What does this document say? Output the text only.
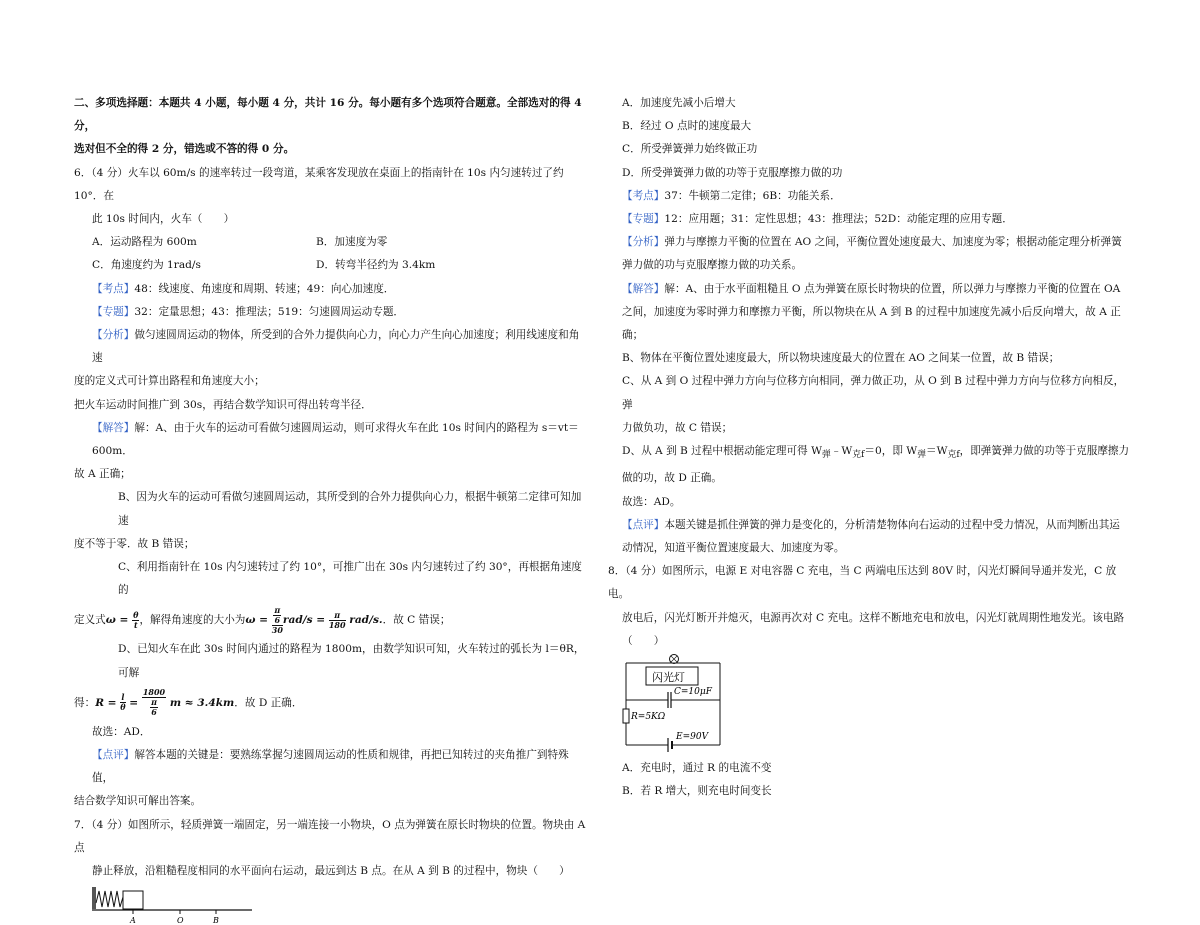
二、多项选择题：本题共 4 小题，每小题 4 分，共计 16 分。每小题有多个选项符合题意。全部选对的得 4 分，

选对但不全的得 2 分，错选或不答的得 0 分。

6．（4 分）火车以 60m/s 的速率转过一段弯道，某乘客发现放在桌面上的指南针在 10s 内匀速转过了约 10°．在

此 10s 时间内，火车（　　）

A．运动路程为 600m	B．加速度为零
C．角速度约为 1rad/s	D．转弯半径约为 3.4km

【考点】48：线速度、角速度和周期、转速；49：向心加速度．

【专题】32：定量思想；43：推理法；519：匀速圆周运动专题．

【分析】做匀速圆周运动的物体，所受到的合外力提供向心力，向心力产生向心加速度；利用线速度和角速

度的定义式可计算出路程和角速度大小；

把火车运动时间推广到 30s，再结合数学知识可得出转弯半径．

【解答】解：A、由于火车的运动可看做匀速圆周运动，则可求得火车在此 10s 时间内的路程为 s＝vt＝600m．

故 A 正确；

B、因为火车的运动可看做匀速圆周运动，其所受到的合外力提供向心力，根据牛顿第二定律可知加速

度不等于零．故 B 错误；

C、利用指南针在 10s 内匀速转过了约 10°，可推广出在 30s 内匀速转过了约 30°，再根据角速度的

定义式$\omega = \frac{\theta}{t}$ ，解得角速度的大小为$\omega = \frac{\frac{\pi}{6}}{30} rad/s = \frac{\pi}{180} rad/s$.．故 C 错误；

D、已知火车在此 30s 时间内通过的路程为 1800m，由数学知识可知，火车转过的弧长为 l＝θR，可解

得：$R = \frac{l}{\theta} = \frac{1800}{\frac{\pi}{6}}$ m ≈ 3.4km．故 D 正确．

故选：AD．

【点评】解答本题的关键是：要熟练掌握匀速圆周运动的性质和规律，再把已知转过的夹角推广到特殊值，

结合数学知识可解出答案。

7．（4 分）如图所示，轻质弹簧一端固定，另一端连接一小物块，O 点为弹簧在原长时物块的位置。物块由 A 点

静止释放，沿粗糙程度相同的水平面向右运动，最远到达 B 点。在从 A 到 B 的过程中，物块（　　）

A	O	B

A．加速度先减小后增大

B．经过 O 点时的速度最大

C．所受弹簧弹力始终做正功

D．所受弹簧弹力做的功等于克服摩擦力做的功

【考点】37：牛顿第二定律；6B：功能关系．

【专题】12：应用题；31：定性思想；43：推理法；52D：动能定理的应用专题．

【分析】弹力与摩擦力平衡的位置在 AO 之间，平衡位置处速度最大、加速度为零；根据动能定理分析弹簧

弹力做的功与克服摩擦力做的功关系。

【解答】解：A、由于水平面粗糙且 O 点为弹簧在原长时物块的位置，所以弹力与摩擦力平衡的位置在 OA

之间，加速度为零时弹力和摩擦力平衡，所以物块在从 A 到 B 的过程中加速度先减小后反向增大，故 A 正确；

B、物体在平衡位置处速度最大，所以物块速度最大的位置在 AO 之间某一位置，故 B 错误；

C、从 A 到 O 过程中弹力方向与位移方向相同，弹力做正功，从 O 到 B 过程中弹力方向与位移方向相反，弹

力做负功，故 C 错误；

D、从 A 到 B 过程中根据动能定理可得 $W_弹﹣W_{克f}=0$，即 $W_弹=W_{克f}$，即弹簧弹力做的功等于克服摩擦力

做的功，故 D 正确。

故选：AD。

【点评】本题关键是抓住弹簧的弹力是变化的，分析清楚物体向右运动的过程中受力情况，从而判断出其运

动情况，知道平衡位置速度最大、加速度为零。

8．（4 分）如图所示，电源 E 对电容器 C 充电，当 C 两端电压达到 80V 时，闪光灯瞬间导通并发光，C 放电。

放电后，闪光灯断开并熄灭，电源再次对 C 充电。这样不断地充电和放电，闪光灯就周期性地发光。该电路

（　　）

闪光灯
C=10μF
R=5KΩ
E=90V

A．充电时，通过 R 的电流不变

B．若 R 增大，则充电时间变长
